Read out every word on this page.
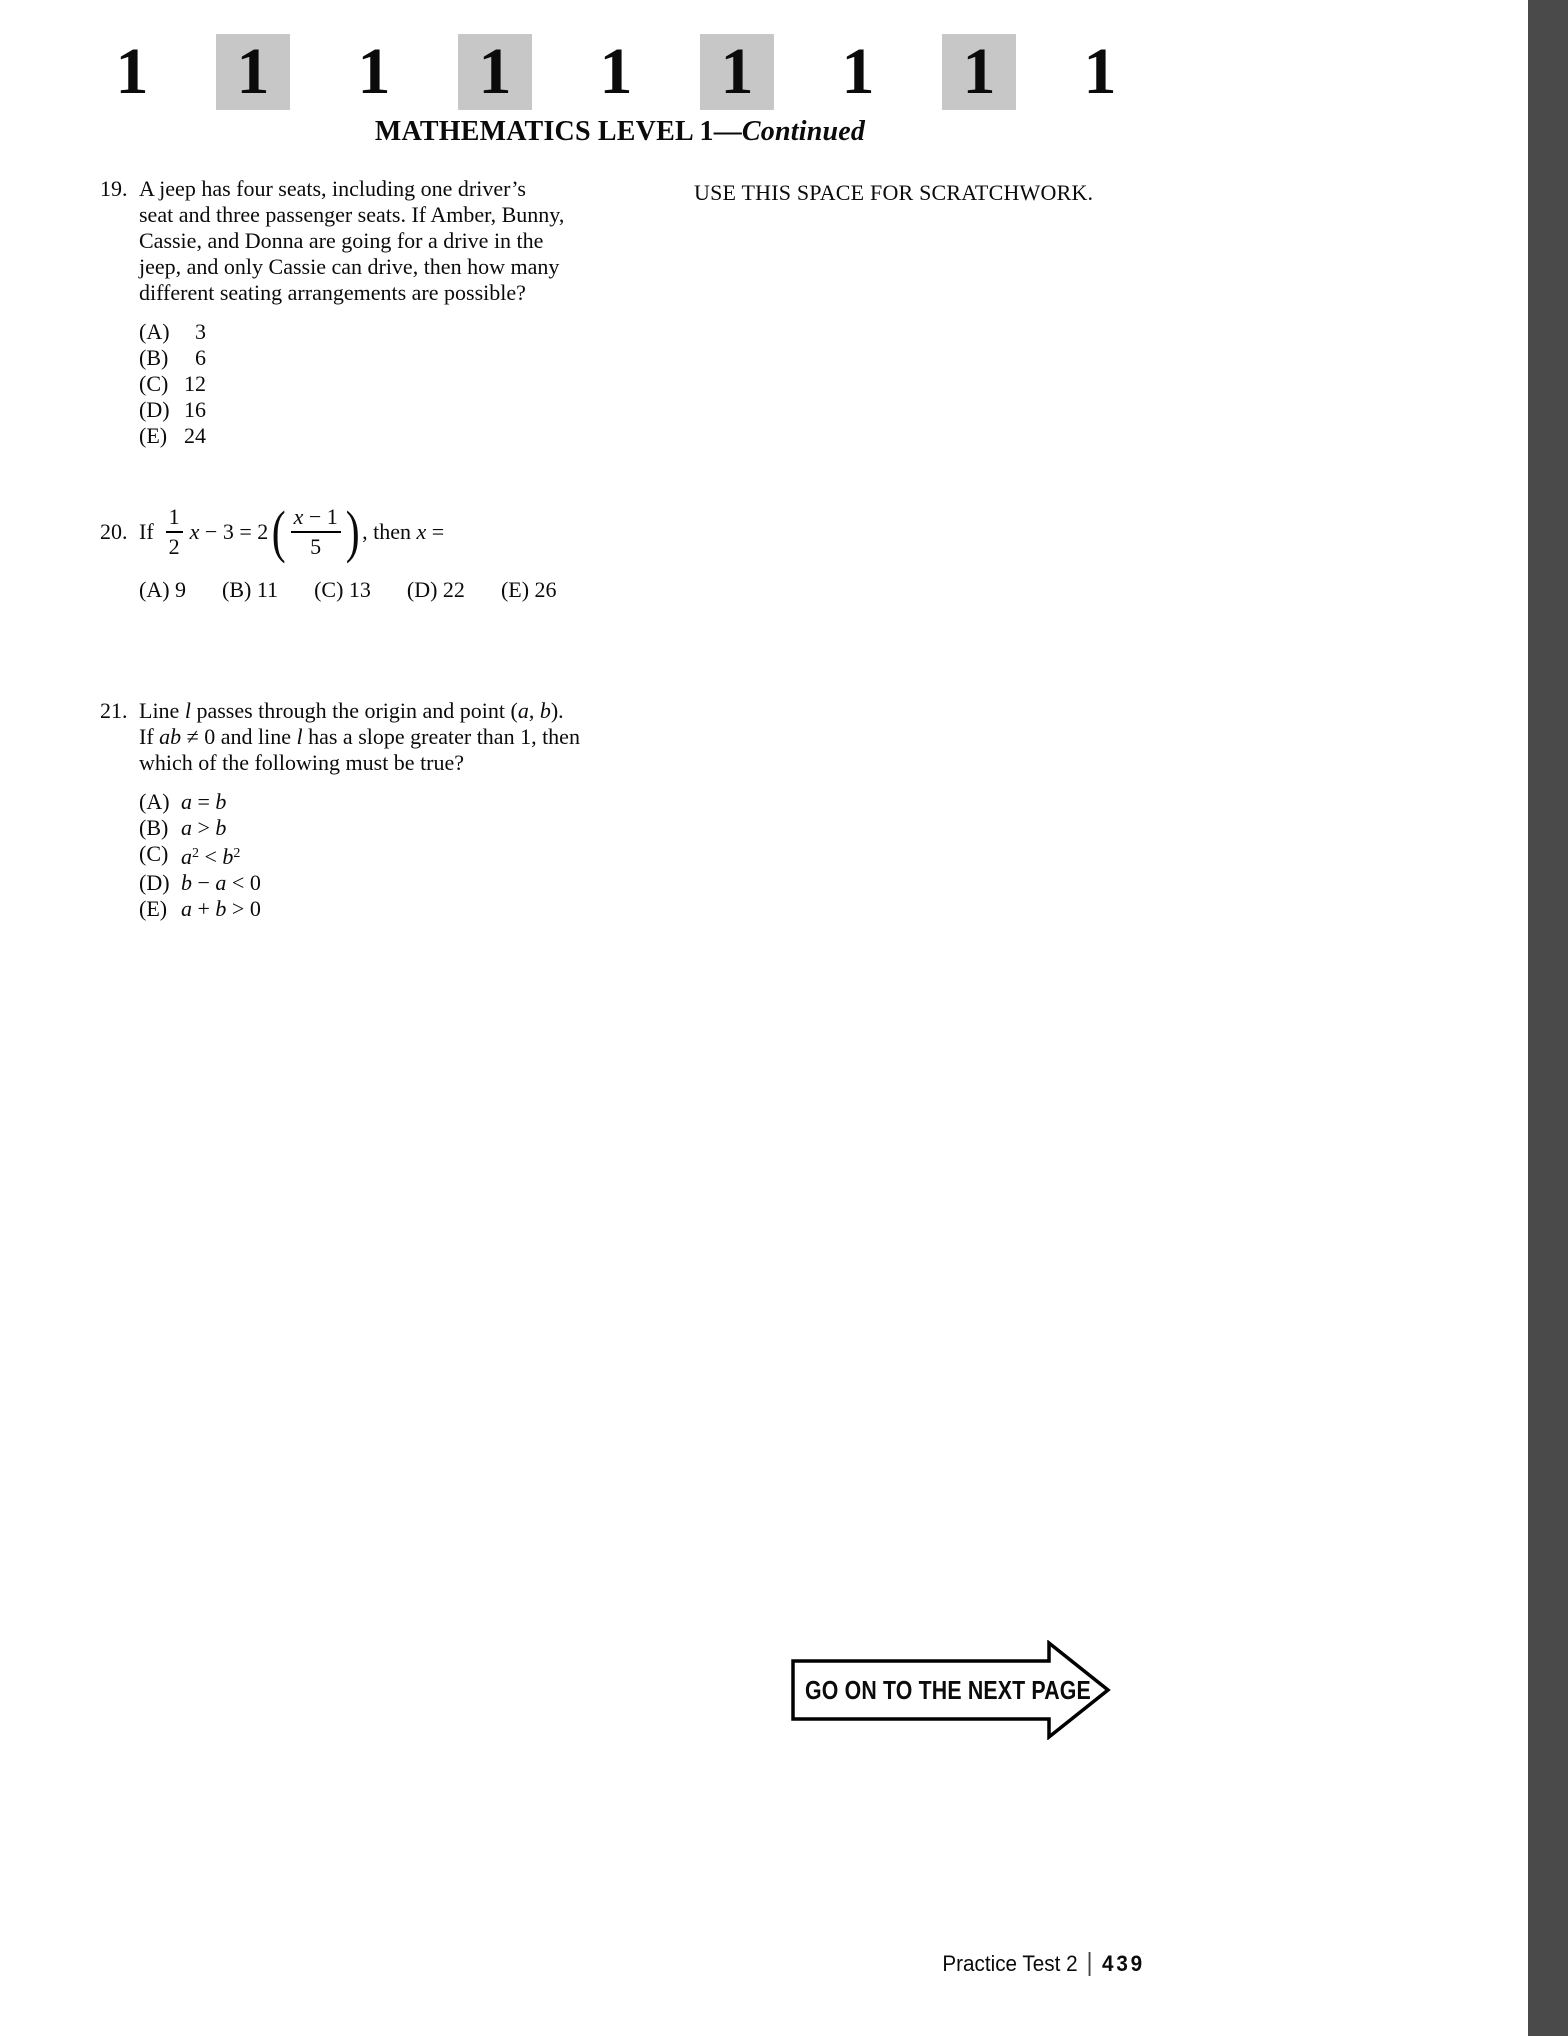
1	1	1	1	1	1	1	1	1
MATHEMATICS LEVEL 1—Continued
USE THIS SPACE FOR SCRATCHWORK.
19. A jeep has four seats, including one driver’s
seat and three passenger seats. If Amber, Bunny,
Cassie, and Donna are going for a drive in the
jeep, and only Cassie can drive, then how many
different seating arrangements are possible?
(A)	3
(B)	6
(C) 12
(D) 16
(E) 24
20. If $\frac{1}{2}$ x − 3 = 2 ( $\frac{x - 1}{5}$ ) , then x =
(A) 9 (B) 11 (C) 13 (D) 22 (E) 26
21. Line l passes through the origin and point (a, b).
If ab ≠ 0 and line l has a slope greater than 1, then
which of the following must be true?
(A) a = b
(B) a > b
(C) $a^2 < b^2$
(D) b − a < 0
(E) a + b > 0
GO ON TO THE NEXT PAGE
Practice Test 2 439
